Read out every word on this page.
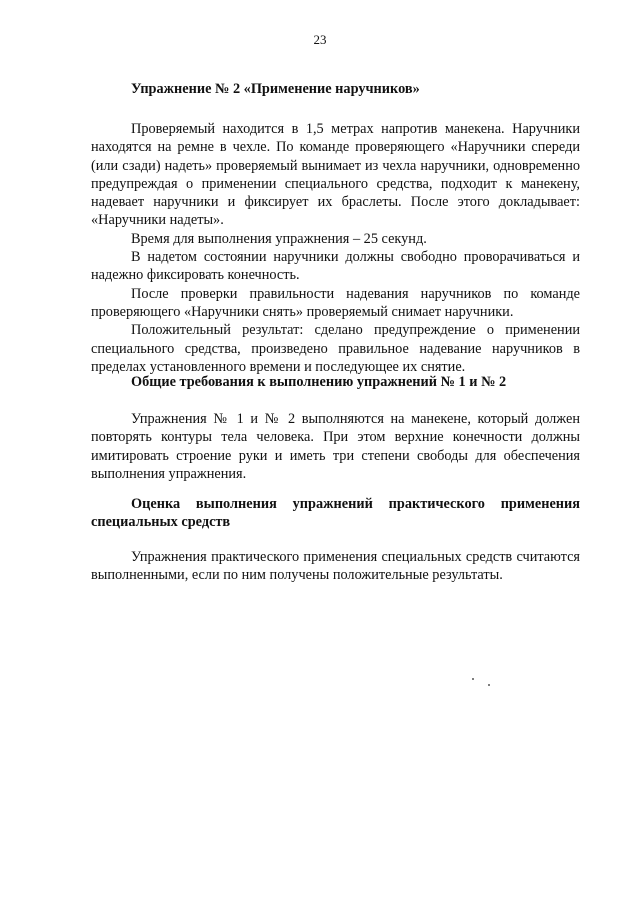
23

Упражнение № 2 «Применение наручников»

Проверяемый находится в 1,5 метрах напротив манекена. Наручники находятся на ремне в чехле. По команде проверяющего «Наручники спереди (или сзади) надеть» проверяемый вынимает из чехла наручники, одновременно предупреждая о применении специального средства, подходит к манекену, надевает наручники и фиксирует их браслеты. После этого докладывает: «Наручники надеты».

Время для выполнения упражнения – 25 секунд.

В надетом состоянии наручники должны свободно проворачиваться и надежно фиксировать конечность.

После проверки правильности надевания наручников по команде проверяющего «Наручники снять» проверяемый снимает наручники.

Положительный результат: сделано предупреждение о применении специального средства, произведено правильное надевание наручников в пределах установленного времени и последующее их снятие.

Общие требования к выполнению упражнений № 1 и № 2

Упражнения № 1 и № 2 выполняются на манекене, который должен повторять контуры тела человека. При этом верхние конечности должны имитировать строение руки и иметь три степени свободы для обеспечения выполнения упражнения.

Оценка выполнения упражнений практического применения специальных средств

Упражнения практического применения специальных средств считаются выполненными, если по ним получены положительные результаты.
